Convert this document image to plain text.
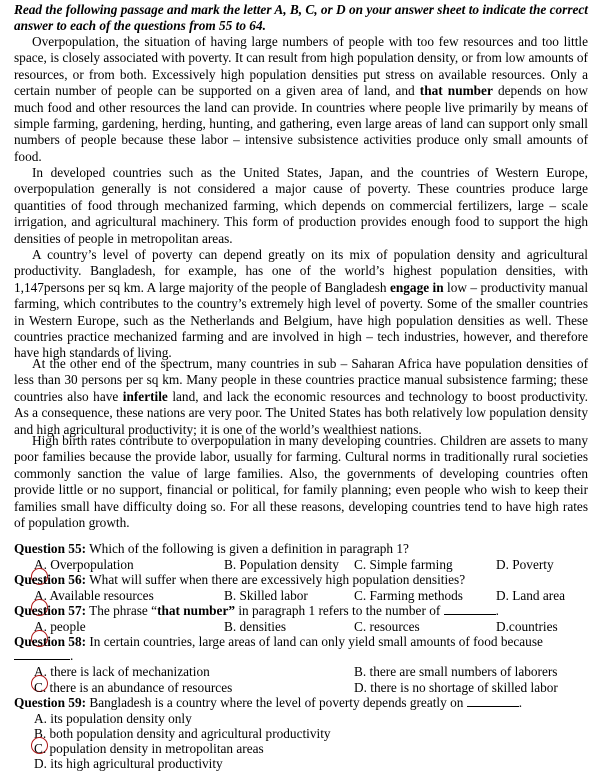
Read the following passage and mark the letter A, B, C, or D on your answer sheet to indicate the correct answer to each of the questions from 55 to 64.

Overpopulation, the situation of having large numbers of people with too few resources and too little space, is closely associated with poverty. It can result from high population density, or from low amounts of resources, or from both. Excessively high population densities put stress on available resources. Only a certain number of people can be supported on a given area of land, and that number depends on how much food and other resources the land can provide. In countries where people live primarily by means of simple farming, gardening, herding, hunting, and gathering, even large areas of land can support only small numbers of people because these labor – intensive subsistence activities produce only small amounts of food.

In developed countries such as the United States, Japan, and the countries of Western Europe, overpopulation generally is not considered a major cause of poverty. These countries produce large quantities of food through mechanized farming, which depends on commercial fertilizers, large – scale irrigation, and agricultural machinery. This form of production provides enough food to support the high densities of people in metropolitan areas.

A country’s level of poverty can depend greatly on its mix of population density and agricultural productivity. Bangladesh, for example, has one of the world’s highest population densities, with 1,147persons per sq km. A large majority of the people of Bangladesh engage in low – productivity manual farming, which contributes to the country’s extremely high level of poverty. Some of the smaller countries in Western Europe, such as the Netherlands and Belgium, have high population densities as well. These countries practice mechanized farming and are involved in high – tech industries, however, and therefore have high standards of living.

At the other end of the spectrum, many countries in sub – Saharan Africa have population densities of less than 30 persons per sq km. Many people in these countries practice manual subsistence farming; these countries also have infertile land, and lack the economic resources and technology to boost productivity. As a consequence, these nations are very poor. The United States has both relatively low population density and high agricultural productivity; it is one of the world’s wealthiest nations.

High birth rates contribute to overpopulation in many developing countries. Children are assets to many poor families because the provide labor, usually for farming. Cultural norms in traditionally rural societies commonly sanction the value of large families. Also, the governments of developing countries often provide little or no support, financial or political, for family planning; even people who wish to keep their families small have difficulty doing so. For all these reasons, developing countries tend to have high rates of population growth.

Question 55: Which of the following is given a definition in paragraph 1?
A. Overpopulation	B. Population density C. Simple farming	D. Poverty
Question 56: What will suffer when there are excessively high population densities?
A. Available resources	B. Skilled labor	C. Farming methods D. Land area
Question 57: The phrase “that number” in paragraph 1 refers to the number of	.
A. people	B. densities	C. resources	D.countries
Question 58: In certain countries, large areas of land can only yield small amounts of food because
.
A. there is lack of mechanization	B. there are small numbers of laborers
C. there is an abundance of resources	D. there is no shortage of skilled labor
Question 59: Bangladesh is a country where the level of poverty depends greatly on	.
A. its population density only
B. both population density and agricultural productivity
C. population density in metropolitan areas
D. its high agricultural productivity
